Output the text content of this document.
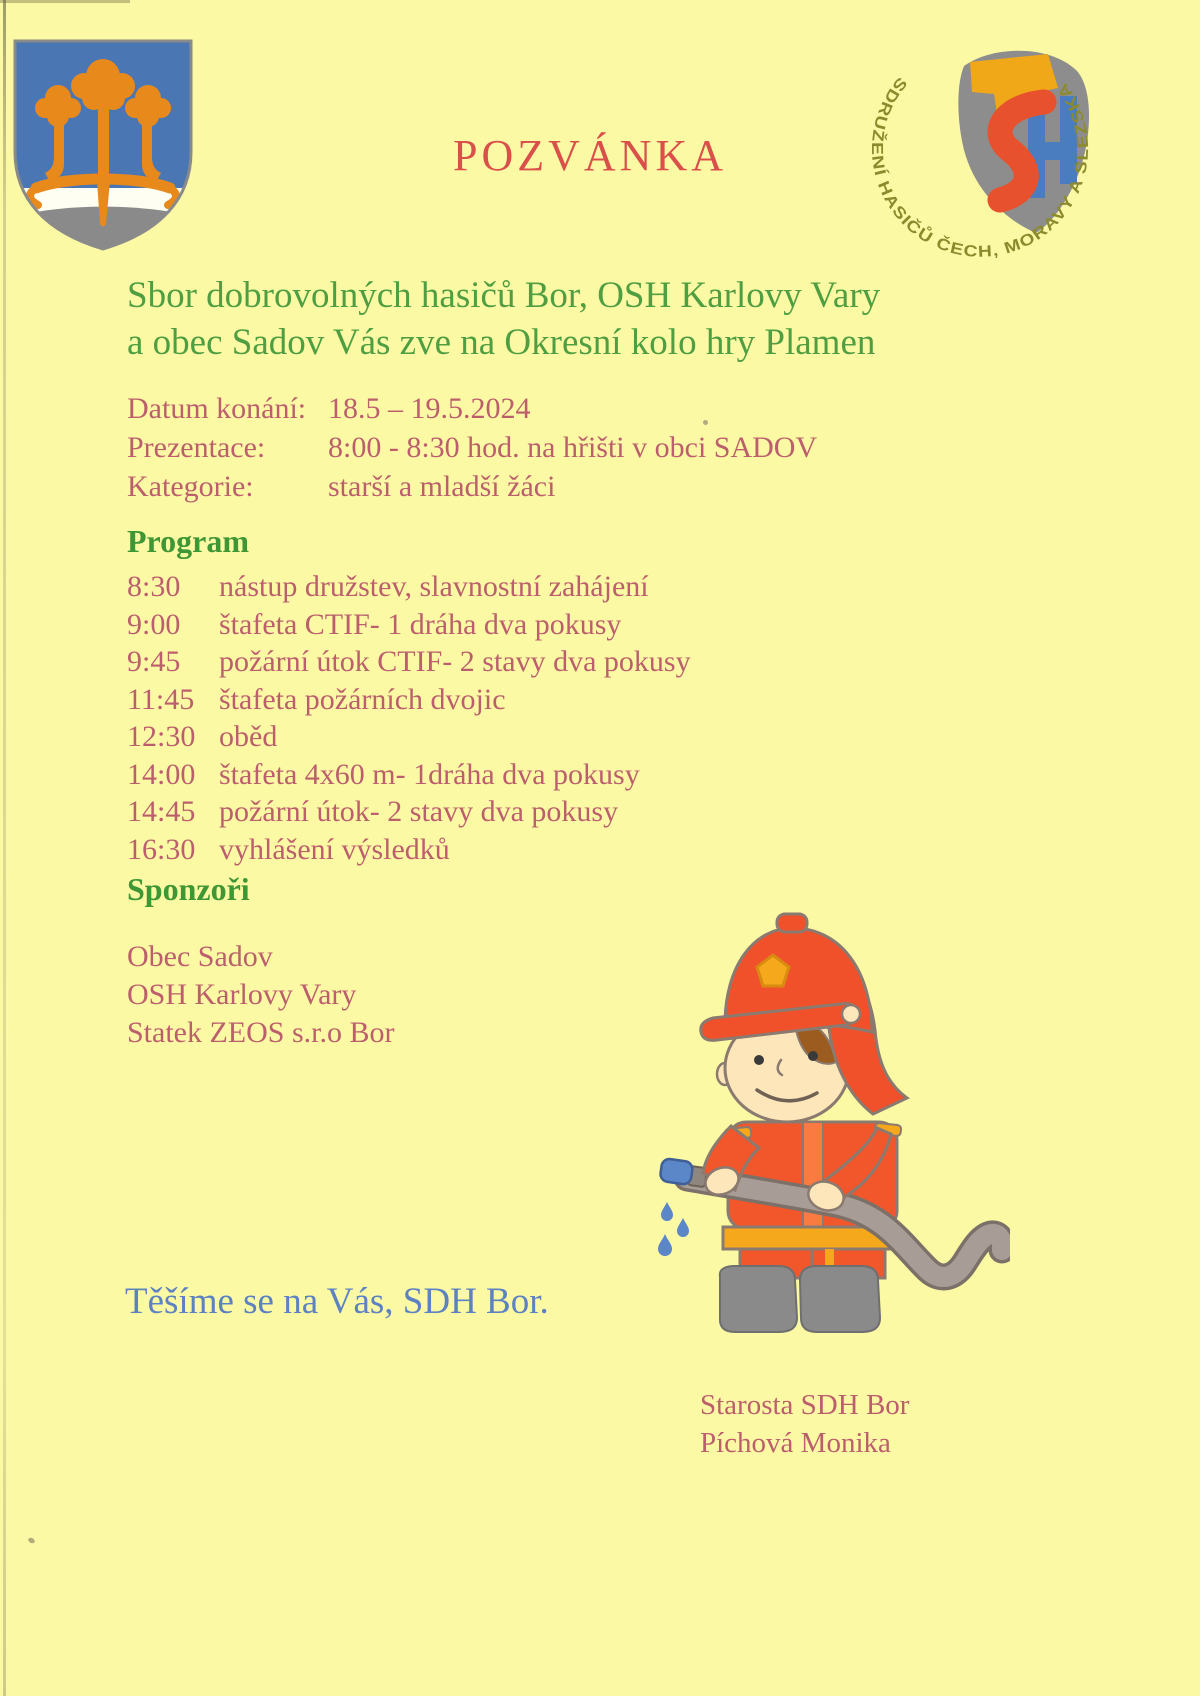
POZVÁNKA
SDRUŽENÍ HASIČŮ ČECH, MORAVY A SLEZSKA
Sbor dobrovolných hasičů Bor, OSH Karlovy Vary
a obec Sadov Vás zve na Okresní kolo hry Plamen
Datum konání: 18.5 – 19.5.2024
Prezentace: 8:00 - 8:30 hod. na hřišti v obci SADOV
Kategorie: starší a mladší žáci
Program
8:30 nástup družstev, slavnostní zahájení
9:00 štafeta CTIF- 1 dráha dva pokusy
9:45 požární útok CTIF- 2 stavy dva pokusy
11:45 štafeta požárních dvojic
12:30 oběd
14:00 štafeta 4x60 m- 1dráha dva pokusy
14:45 požární útok- 2 stavy dva pokusy
16:30 vyhlášení výsledků
Sponzoři
Obec Sadov
OSH Karlovy Vary
Statek ZEOS s.r.o Bor
Těšíme se na Vás, SDH Bor.
Starosta SDH Bor
Píchová Monika
